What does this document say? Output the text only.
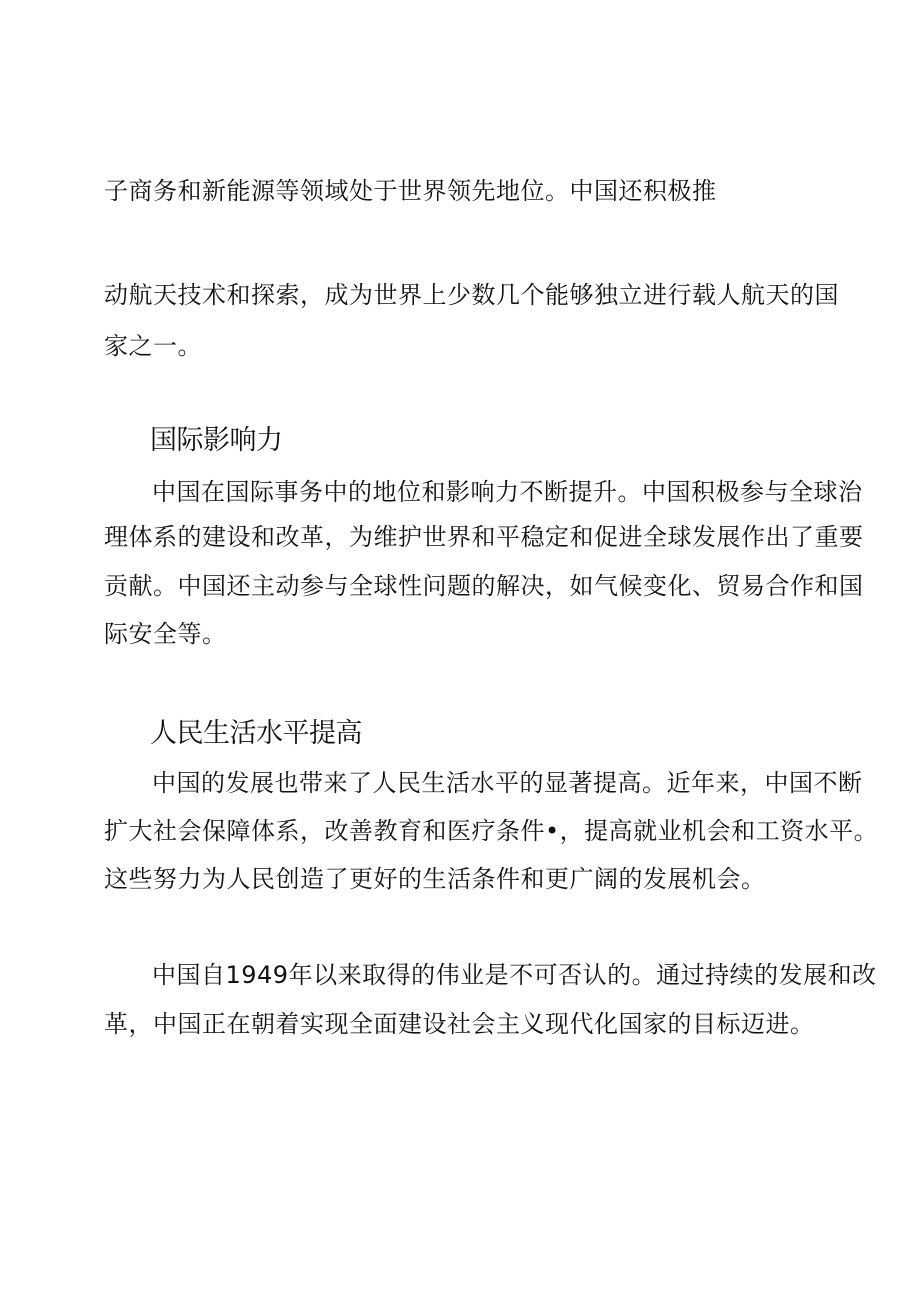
子商务和新能源等领域处于世界领先地位。中国还积极推

动航天技术和探索，成为世界上少数几个能够独立进行载人航天的国

家之一。

国际影响力

中国在国际事务中的地位和影响力不断提升。中国积极参与全球治

理体系的建设和改革，为维护世界和平稳定和促进全球发展作出了重要

贡献。中国还主动参与全球性问题的解决，如气候变化、贸易合作和国

际安全等。

人民生活水平提高

中国的发展也带来了人民生活水平的显著提高。近年来，中国不断

扩大社会保障体系，改善教育和医疗条件•，提高就业机会和工资水平。

这些努力为人民创造了更好的生活条件和更广阔的发展机会。

中国自1949年以来取得的伟业是不可否认的。通过持续的发展和改

革，中国正在朝着实现全面建设社会主义现代化国家的目标迈进。
